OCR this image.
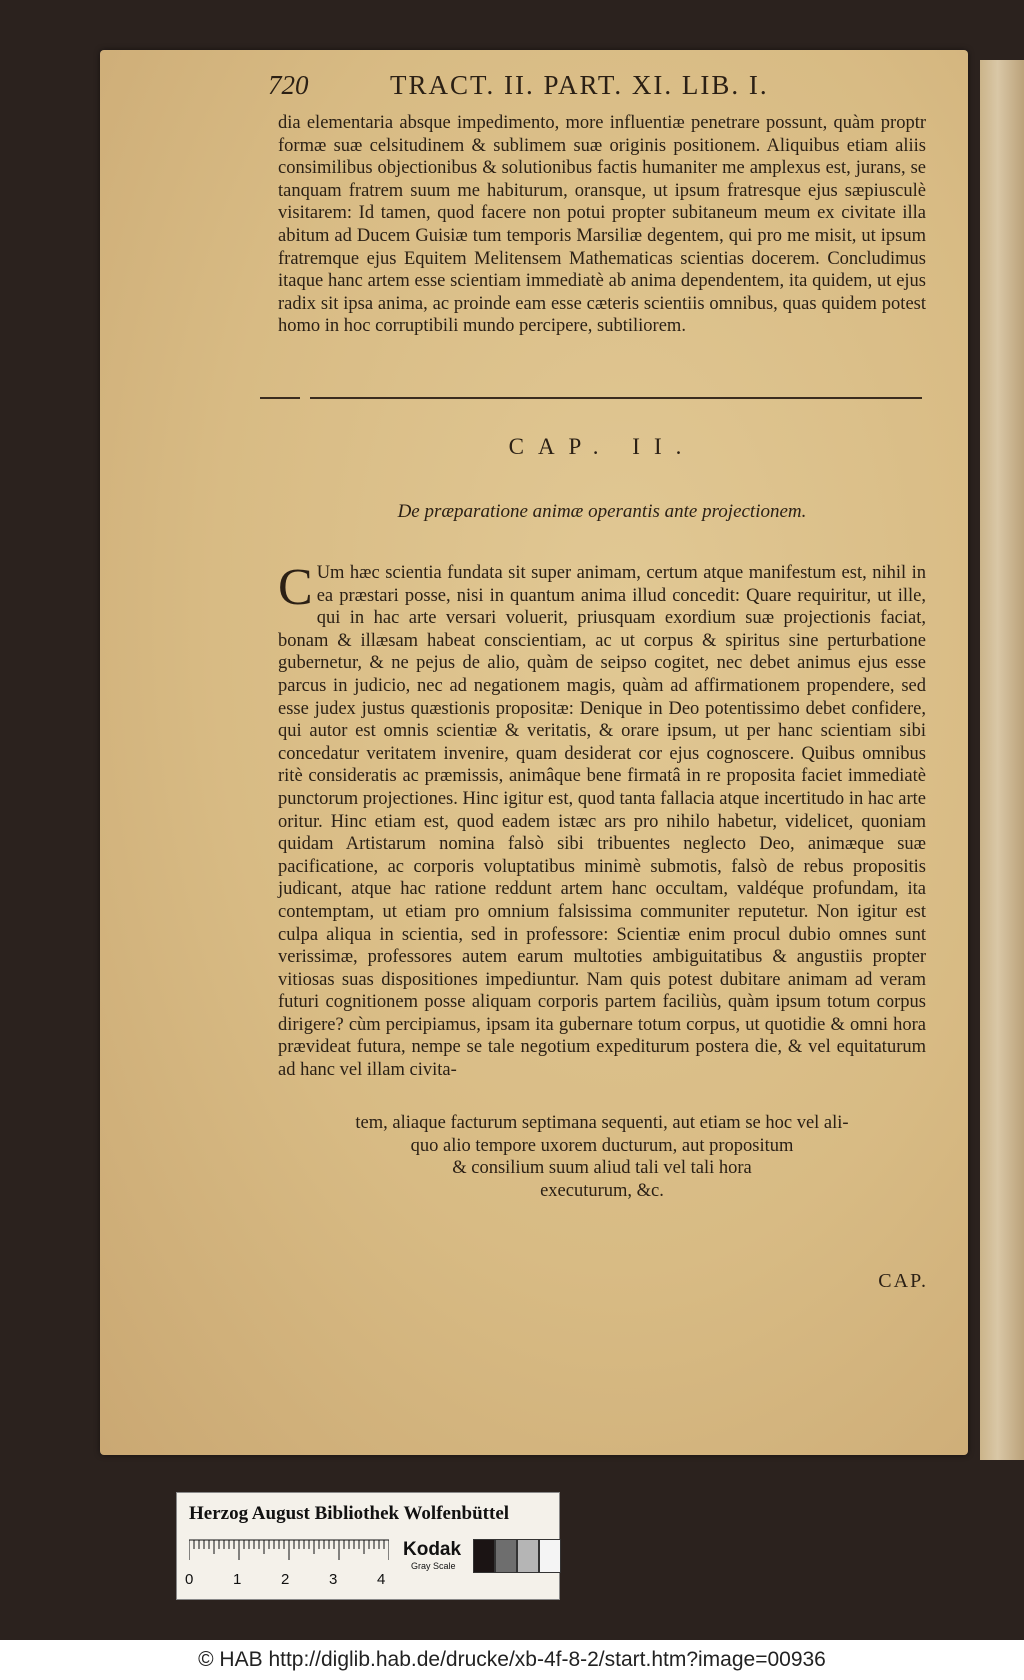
720	TRACT. II. PART. XI. LIB. I.
dia elementaria absque impedimento, more influentiæ penetrare possunt, quàm proptr formæ suæ celsitudinem & sublimem suæ originis positionem. Aliquibus etiam aliis consimilibus objectionibus & solutionibus factis humaniter me amplexus est, jurans, se tanquam fratrem suum me habiturum, oransque, ut ipsum fratresque ejus sæpiusculè visitarem: Id tamen, quod facere non potui propter subitaneum meum ex civitate illa abitum ad Ducem Guisiæ tum temporis Marsiliæ degentem, qui pro me misit, ut ipsum fratremque ejus Equitem Melitensem Mathematicas scientias docerem. Concludimus itaque hanc artem esse scientiam immediatè ab anima dependentem, ita quidem, ut ejus radix sit ipsa anima, ac proinde eam esse cæteris scientiis omnibus, quas quidem potest homo in hoc corruptibili mundo percipere, subtiliorem.
CAP. II.
De præparatione animæ operantis ante projectionem.
C Um hæc scientia fundata sit super animam, certum atque manifestum est, nihil in ea præstari posse, nisi in quantum anima illud concedit: Quare requiritur, ut ille, qui in hac arte versari voluerit, priusquam exordium suæ projectionis faciat, bonam & illæsam habeat conscientiam, ac ut corpus & spiritus sine perturbatione gubernetur, & ne pejus de alio, quàm de seipso cogitet, nec debet animus ejus esse parcus in judicio, nec ad negationem magis, quàm ad affirmationem propendere, sed esse judex justus quæstionis propositæ: Denique in Deo potentissimo debet confidere, qui autor est omnis scientiæ & veritatis, & orare ipsum, ut per hanc scientiam sibi concedatur veritatem invenire, quam desiderat cor ejus cognoscere. Quibus omnibus ritè consideratis ac præmissis, animâque bene firmatâ in re proposita faciet immediatè punctorum projectiones. Hinc igitur est, quod tanta fallacia atque incertitudo in hac arte oritur. Hinc etiam est, quod eadem istæc ars pro nihilo habetur, videlicet, quoniam quidam Artistarum nomina falsò sibi tribuentes neglecto Deo, animæque suæ pacificatione, ac corporis voluptatibus minimè submotis, falsò de rebus propositis judicant, atque hac ratione reddunt artem hanc occultam, valdéque profundam, ita contemptam, ut etiam pro omnium falsissima communiter reputetur. Non igitur est culpa aliqua in scientia, sed in professore: Scientiæ enim procul dubio omnes sunt verissimæ, professores autem earum multoties ambiguitatibus & angustiis propter vitiosas suas dispositiones impediuntur. Nam quis potest dubitare animam ad veram futuri cognitionem posse aliquam corporis partem faciliùs, quàm ipsum totum corpus dirigere? cùm percipiamus, ipsam ita gubernare totum corpus, ut quotidie & omni hora prævideat futura, nempe se tale negotium expediturum postera die, & vel equitaturum ad hanc vel illam civita-
tem, aliaque facturum septimana sequenti, aut etiam se hoc vel ali-
quo alio tempore uxorem ducturum, aut propositum
& consilium suum aliud tali vel tali hora
executurum, &c.
CAP.
Herzog August Bibliothek Wolfenbüttel
0	1	2	3	4
Kodak
Gray Scale
© HAB http://diglib.hab.de/drucke/xb-4f-8-2/start.htm?image=00936
